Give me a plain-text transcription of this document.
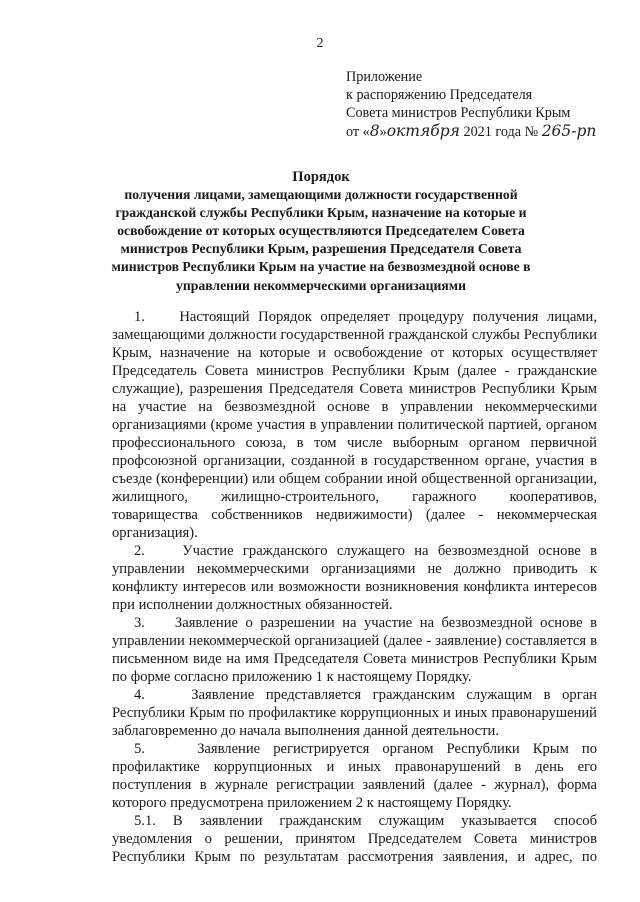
2
Приложение
к распоряжению Председателя
Совета министров Республики Крым
от «8»октября 2021 года № 265-рп
Порядок
получения лицами, замещающими должности государственной гражданской службы Республики Крым, назначение на которые и освобождение от которых осуществляются Председателем Совета министров Республики Крым, разрешения Председателя Совета министров Республики Крым на участие на безвозмездной основе в управлении некоммерческими организациями

1.    Настоящий Порядок определяет процедуру получения лицами, замещающими должности государственной гражданской службы Республики Крым, назначение на которые и освобождение от которых осуществляет Председатель Совета министров Республики Крым (далее - гражданские служащие), разрешения Председателя Совета министров Республики Крым на участие на безвозмездной основе в управлении некоммерческими организациями (кроме участия в управлении политической партией, органом профессионального союза, в том числе выборным органом первичной профсоюзной организации, созданной в государственном органе, участия в съезде (конференции) или общем собрании иной общественной организации, жилищного, жилищно-строительного, гаражного кооперативов, товарищества собственников недвижимости) (далее - некоммерческая организация).

2.    Участие гражданского служащего на безвозмездной основе в управлении некоммерческими организациями не должно приводить к конфликту интересов или возможности возникновения конфликта интересов при исполнении должностных обязанностей.

3.    Заявление о разрешении на участие на безвозмездной основе в управлении некоммерческой организацией (далее - заявление) составляется в письменном виде на имя Председателя Совета министров Республики Крым по форме согласно приложению 1 к настоящему Порядку.

4.    Заявление представляется гражданским служащим в орган Республики Крым по профилактике коррупционных и иных правонарушений заблаговременно до начала выполнения данной деятельности.

5.    Заявление регистрируется органом Республики Крым по профилактике коррупционных и иных правонарушений в день его поступления в журнале регистрации заявлений (далее - журнал), форма которого предусмотрена приложением 2 к настоящему Порядку.

5.1. В заявлении гражданским служащим указывается способ уведомления о решении, принятом Председателем Совета министров Республики Крым по результатам рассмотрения заявления, и адрес, по
